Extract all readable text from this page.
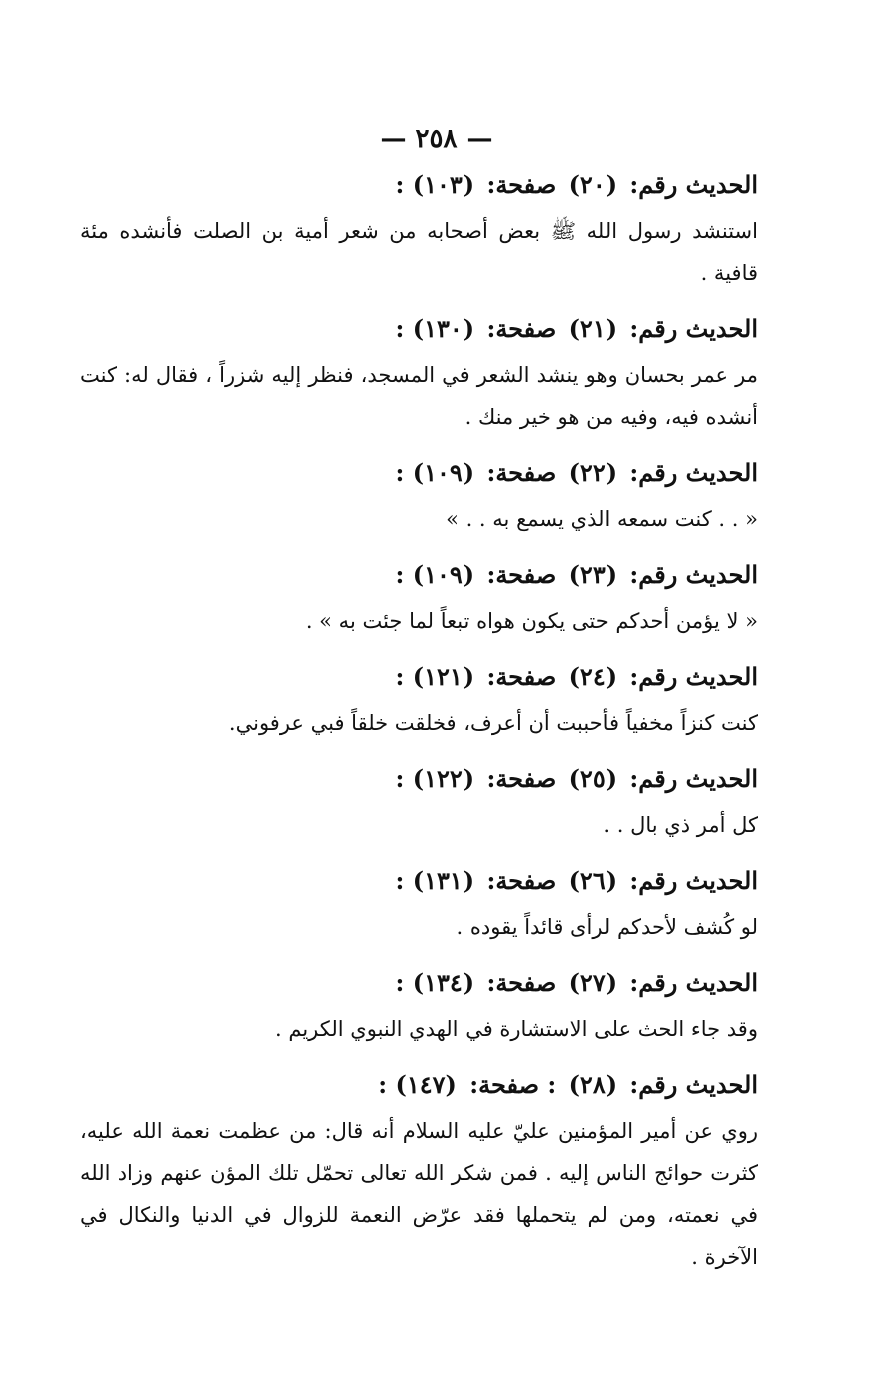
— ٢٥٨ —
الحديث رقم: (٢٠) صفحة: (١٠٣) :
استنشد رسول الله ﷺ بعض أصحابه من شعر أمية بن الصلت فأنشده مئة قافية .
الحديث رقم: (٢١) صفحة: (١٣٠) :
مر عمر بحسان وهو ينشد الشعر في المسجد، فنظر إليه شزراً ، فقال له: كنت أنشده فيه، وفيه من هو خير منك .
الحديث رقم: (٢٢) صفحة: (١٠٩) :
« . . كنت سمعه الذي يسمع به . . »
الحديث رقم: (٢٣) صفحة: (١٠٩) :
« لا يؤمن أحدكم حتى يكون هواه تبعاً لما جئت به » .
الحديث رقم: (٢٤) صفحة: (١٢١) :
كنت كنزاً مخفياً فأحببت أن أعرف، فخلقت خلقاً فبي عرفوني.
الحديث رقم: (٢٥) صفحة: (١٢٢) :
كل أمر ذي بال . .
الحديث رقم: (٢٦) صفحة: (١٣١) :
لو كُشف لأحدكم لرأى قائداً يقوده .
الحديث رقم: (٢٧) صفحة: (١٣٤) :
وقد جاء الحث على الاستشارة في الهدي النبوي الكريم .
الحديث رقم: (٢٨) : صفحة: (١٤٧) :
روي عن أمير المؤمنين عليّ عليه السلام أنه قال: من عظمت نعمة الله عليه، كثرت حوائج الناس إليه . فمن شكر الله تعالى تحمّل تلك المؤن عنهم وزاد الله في نعمته، ومن لم يتحملها فقد عرّض النعمة للزوال في الدنيا والنكال في الآخرة .
